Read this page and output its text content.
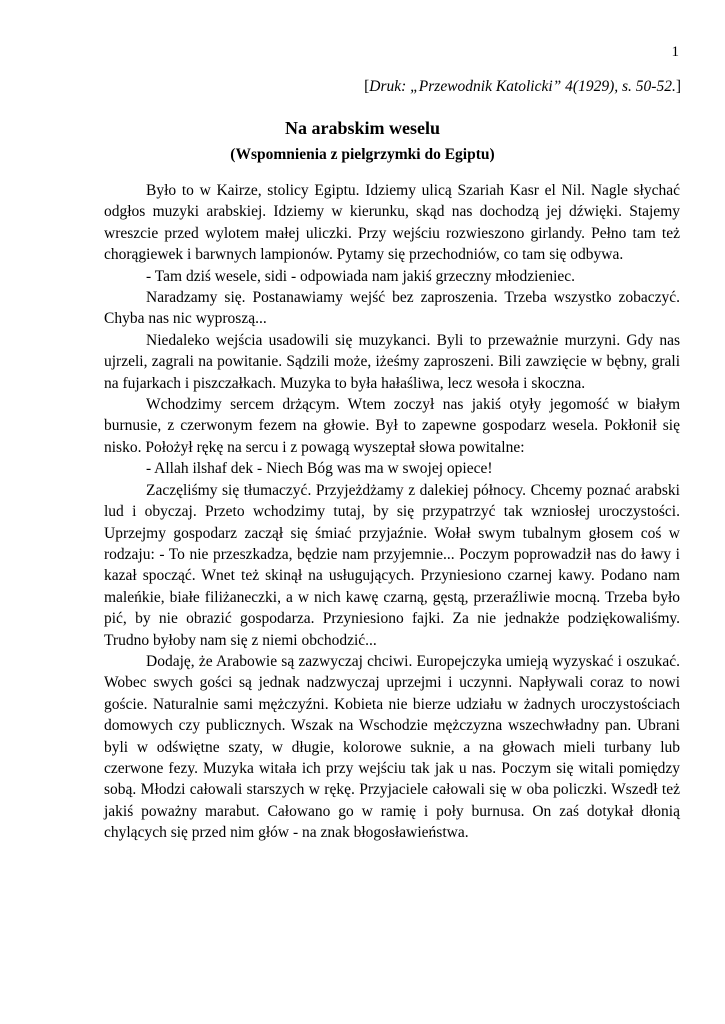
1
[Druk: „Przewodnik Katolicki” 4(1929), s. 50-52.]
Na arabskim weselu
(Wspomnienia z pielgrzymki do Egiptu)

Było to w Kairze, stolicy Egiptu. Idziemy ulicą Szariah Kasr el Nil. Nagle słychać odgłos muzyki arabskiej. Idziemy w kierunku, skąd nas dochodzą jej dźwięki. Stajemy wreszcie przed wylotem małej uliczki. Przy wejściu rozwieszono girlandy. Pełno tam też chorągiewek i barwnych lampionów. Pytamy się przechodniów, co tam się odbywa.

- Tam dziś wesele, sidi - odpowiada nam jakiś grzeczny młodzieniec.

Naradzamy się. Postanawiamy wejść bez zaproszenia. Trzeba wszystko zobaczyć. Chyba nas nic wyproszą...

Niedaleko wejścia usadowili się muzykanci. Byli to przeważnie murzyni. Gdy nas ujrzeli, zagrali na powitanie. Sądzili może, iżeśmy zaproszeni. Bili zawzięcie w bębny, grali na fujarkach i piszczałkach. Muzyka to była hałaśliwa, lecz wesoła i skoczna.

Wchodzimy sercem drżącym. Wtem zoczył nas jakiś otyły jegomość w białym burnusie, z czerwonym fezem na głowie. Był to zapewne gospodarz wesela. Pokłonił się nisko. Położył rękę na sercu i z powagą wyszeptał słowa powitalne:

- Allah ilshaf dek - Niech Bóg was ma w swojej opiece!

Zaczęliśmy się tłumaczyć. Przyjeżdżamy z dalekiej północy. Chcemy poznać arabski lud i obyczaj. Przeto wchodzimy tutaj, by się przypatrzyć tak wzniosłej uroczystości. Uprzejmy gospodarz zaczął się śmiać przyjaźnie. Wołał swym tubalnym głosem coś w rodzaju: - To nie przeszkadza, będzie nam przyjemnie... Poczym poprowadził nas do ławy i kazał spocząć. Wnet też skinął na usługujących. Przyniesiono czarnej kawy. Podano nam maleńkie, białe filiżaneczki, a w nich kawę czarną, gęstą, przeraźliwie mocną. Trzeba było pić, by nie obrazić gospodarza. Przyniesiono fajki. Za nie jednakże podziękowaliśmy. Trudno byłoby nam się z niemi obchodzić...

Dodaję, że Arabowie są zazwyczaj chciwi. Europejczyka umieją wyzyskać i oszukać. Wobec swych gości są jednak nadzwyczaj uprzejmi i uczynni. Napływali coraz to nowi goście. Naturalnie sami mężczyźni. Kobieta nie bierze udziału w żadnych uroczystościach domowych czy publicznych. Wszak na Wschodzie mężczyzna wszechwładny pan. Ubrani byli w odświętne szaty, w długie, kolorowe suknie, a na głowach mieli turbany lub czerwone fezy. Muzyka witała ich przy wejściu tak jak u nas. Poczym się witali pomiędzy sobą. Młodzi całowali starszych w rękę. Przyjaciele całowali się w oba policzki. Wszedł też jakiś poważny marabut. Całowano go w ramię i poły burnusa. On zaś dotykał dłonią chylących się przed nim głów - na znak błogosławieństwa.
